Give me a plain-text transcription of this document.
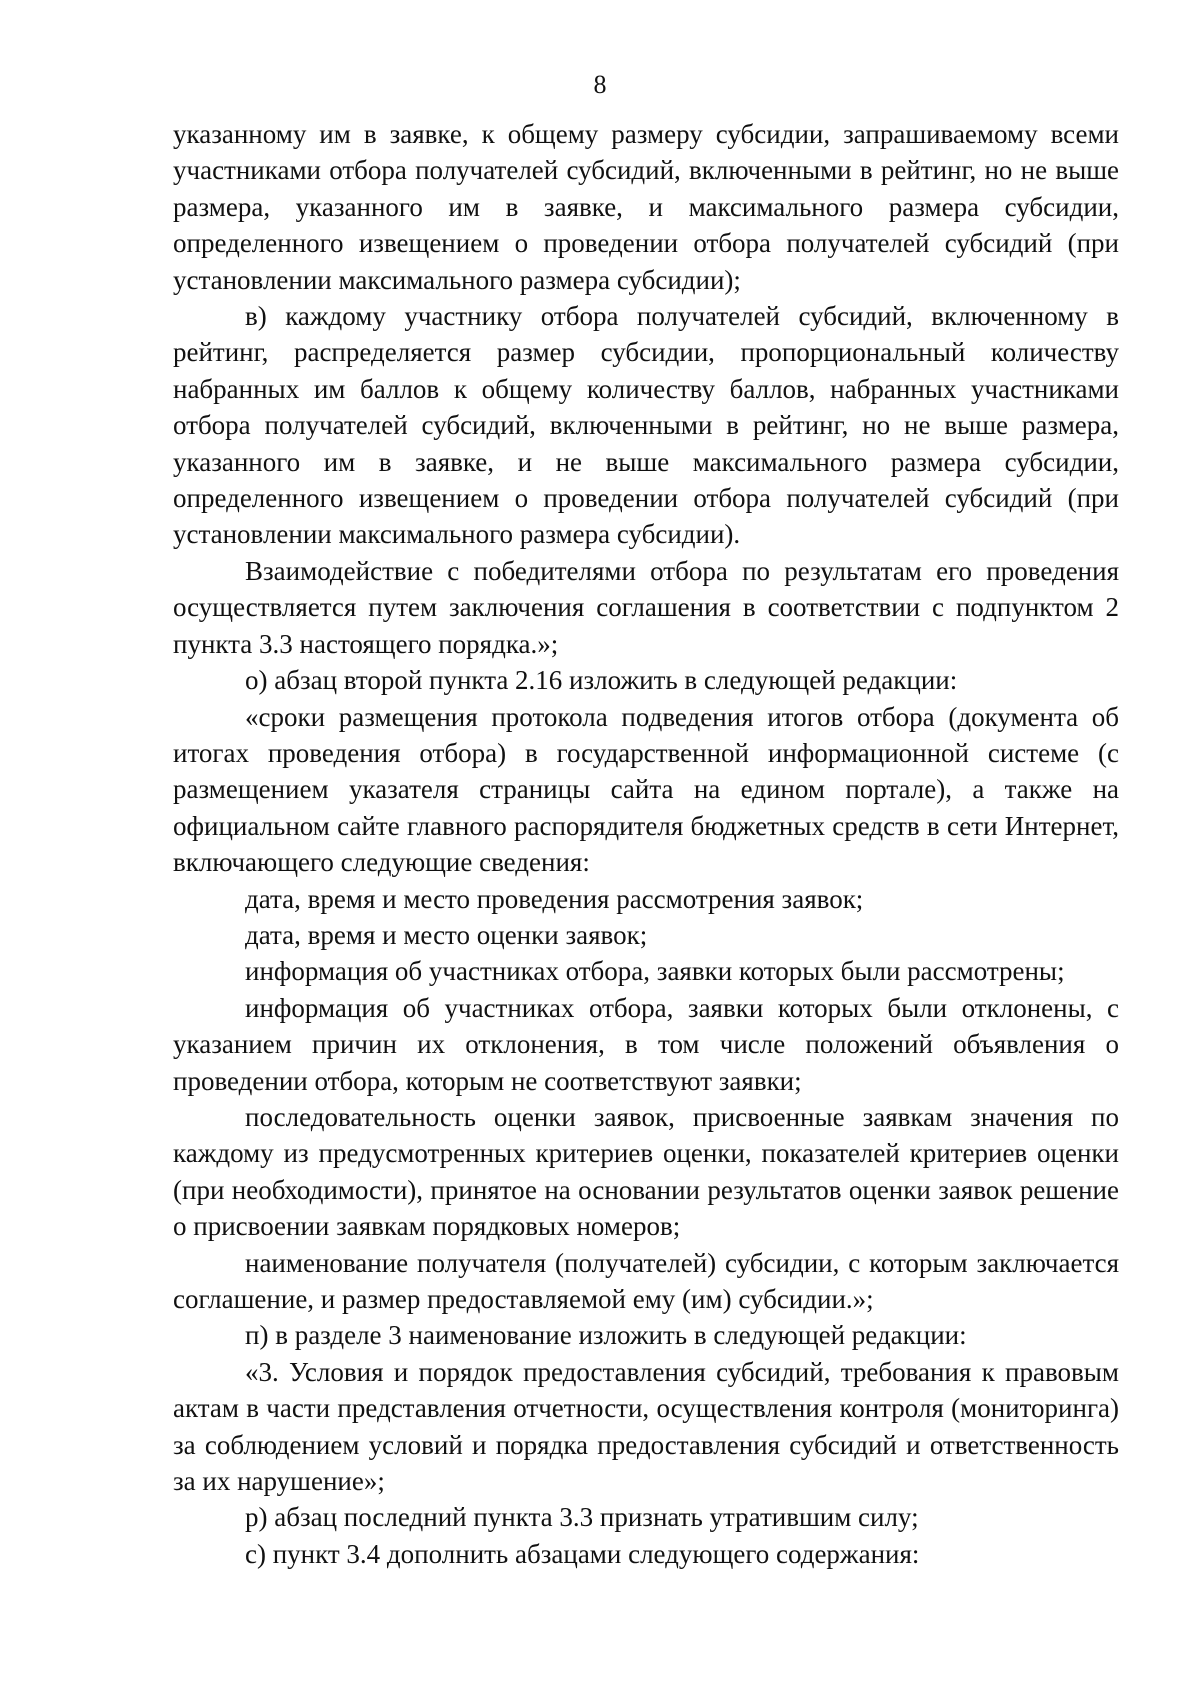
8

указанному им в заявке, к общему размеру субсидии, запрашиваемому всеми участниками отбора получателей субсидий, включенными в рейтинг, но не выше размера, указанного им в заявке, и максимального размера субсидии, определенного извещением о проведении отбора получателей субсидий (при установлении максимального размера субсидии);

в) каждому участнику отбора получателей субсидий, включенному в рейтинг, распределяется размер субсидии, пропорциональный количеству набранных им баллов к общему количеству баллов, набранных участниками отбора получателей субсидий, включенными в рейтинг, но не выше размера, указанного им в заявке, и не выше максимального размера субсидии, определенного извещением о проведении отбора получателей субсидий (при установлении максимального размера субсидии).

Взаимодействие с победителями отбора по результатам его проведения осуществляется путем заключения соглашения в соответствии с подпунктом 2 пункта 3.3 настоящего порядка.»;

о) абзац второй пункта 2.16 изложить в следующей редакции:

«сроки размещения протокола подведения итогов отбора (документа об итогах проведения отбора) в государственной информационной системе (с размещением указателя страницы сайта на едином портале), а также на официальном сайте главного распорядителя бюджетных средств в сети Интернет, включающего следующие сведения:

дата, время и место проведения рассмотрения заявок;

дата, время и место оценки заявок;

информация об участниках отбора, заявки которых были рассмотрены;

информация об участниках отбора, заявки которых были отклонены, с указанием причин их отклонения, в том числе положений объявления о проведении отбора, которым не соответствуют заявки;

последовательность оценки заявок, присвоенные заявкам значения по каждому из предусмотренных критериев оценки, показателей критериев оценки (при необходимости), принятое на основании результатов оценки заявок решение о присвоении заявкам порядковых номеров;

наименование получателя (получателей) субсидии, с которым заключается соглашение, и размер предоставляемой ему (им) субсидии.»;

п) в разделе 3 наименование изложить в следующей редакции:

«3. Условия и порядок предоставления субсидий, требования к правовым актам в части представления отчетности, осуществления контроля (мониторинга) за соблюдением условий и порядка предоставления субсидий и ответственность за их нарушение»;

р) абзац последний пункта 3.3 признать утратившим силу;

с) пункт 3.4 дополнить абзацами следующего содержания:
